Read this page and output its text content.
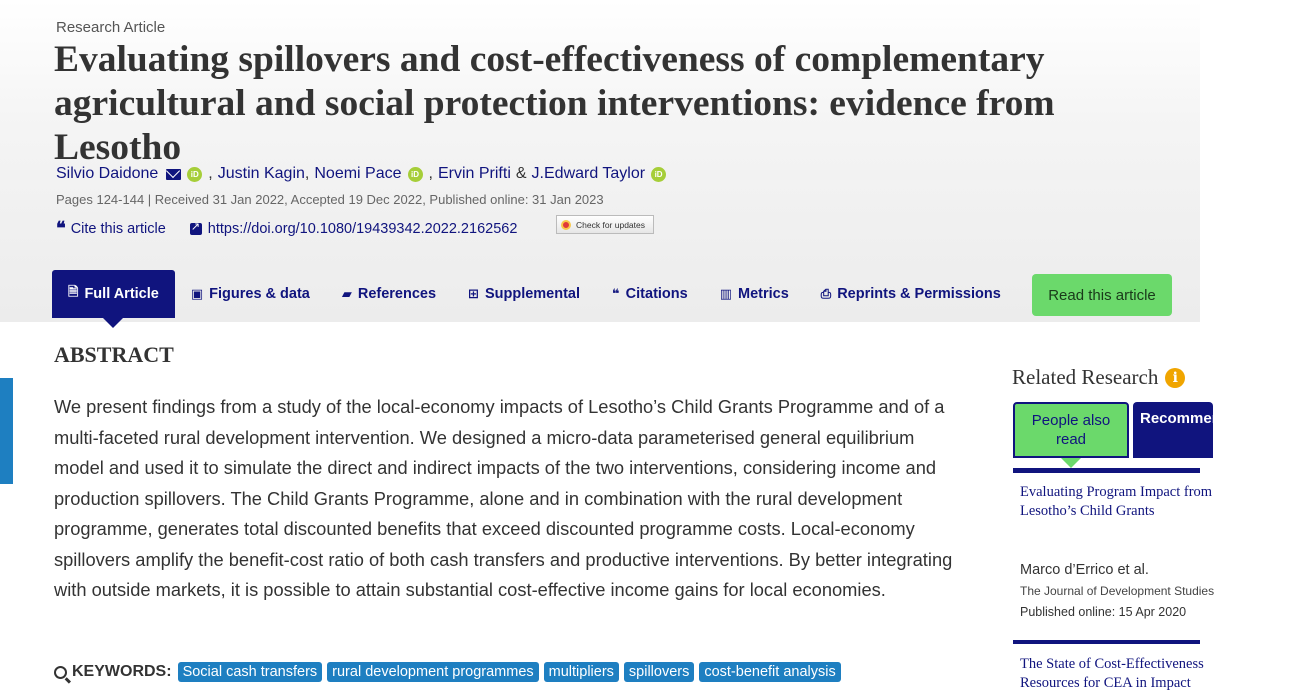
Research Article
Evaluating spillovers and cost-effectiveness of complementary agricultural and social protection interventions: evidence from Lesotho
Silvio Daidone	iD , Justin Kagin , Noemi Pace	iD , Ervin Prifti & J.Edward Taylor	iD
Pages 124-144 | Received 31 Jan 2022, Accepted 19 Dec 2022, Published online: 31 Jan 2023
❝ Cite this article
↗	https://doi.org/10.1080/19439342.2022.2162562	Check for updates
🗎 Full Article ▣ Figures & data ▰ References ⊞ Supplemental ❝ Citations ▥ Metrics ⎙ Reprints & Permissions	Read this article
ABSTRACT

We present findings from a study of the local-economy impacts of Lesotho’s Child Grants Programme and of a multi-faceted rural development intervention. We designed a micro-data parameterised general equilibrium model and used it to simulate the direct and indirect impacts of the two interventions, considering income and production spillovers. The Child Grants Programme, alone and in combination with the rural development programme, generates total discounted benefits that exceed discounted programme costs. Local-economy spillovers amplify the benefit-cost ratio of both cash transfers and productive interventions. By better integrating with outside markets, it is possible to attain substantial cost-effective income gains for local economies.

KEYWORDS: Social cash transfers	rural development programmes	multipliers	spillovers	cost-benefit analysis
Related Research	i
People also read
Recommended articles
Evaluating Program Impact from Lesotho’s Child Grants
Marco d’Errico et al.
The Journal of Development Studies
Published online: 15 Apr 2020
The State of Cost-Effectiveness Resources for CEA in Impact
